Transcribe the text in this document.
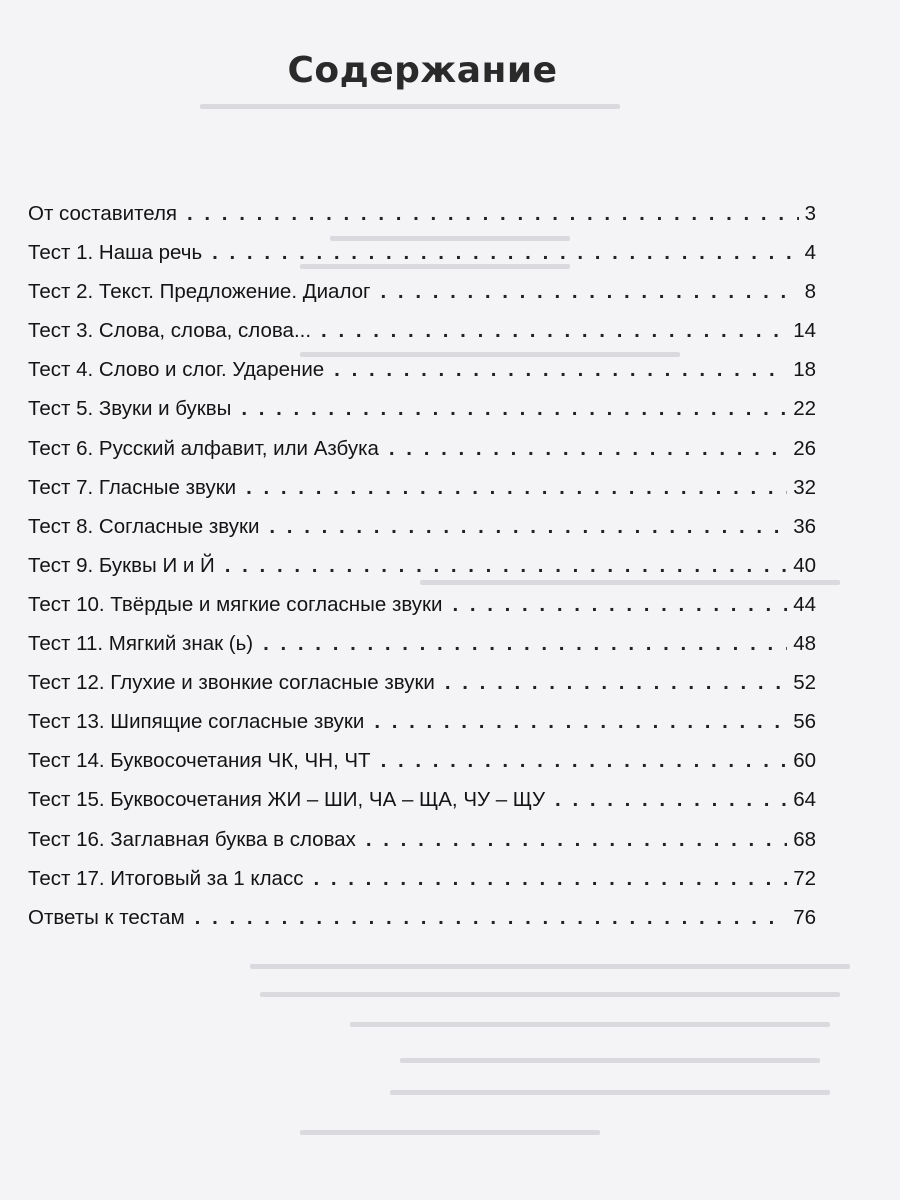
Содержание
От составителя . . .	3
Тест 1. Наша речь . . .	4
Тест 2. Текст. Предложение. Диалог . . .	8
Тест 3. Слова, слова, слова... . . .	14
Тест 4. Слово и слог. Ударение . . .	18
Тест 5. Звуки и буквы . . .	22
Тест 6. Русский алфавит, или Азбука . . .	26
Тест 7. Гласные звуки . . .	32
Тест 8. Согласные звуки . . .	36
Тест 9. Буквы И и Й . . .	40
Тест 10. Твёрдые и мягкие согласные звуки . . .	44
Тест 11. Мягкий знак (ь) . . .	48
Тест 12. Глухие и звонкие согласные звуки . . .	52
Тест 13. Шипящие согласные звуки . . .	56
Тест 14. Буквосочетания ЧК, ЧН, ЧТ . . .	60
Тест 15. Буквосочетания ЖИ – ШИ, ЧА – ЩА, ЧУ – ЩУ . . .	64
Тест 16. Заглавная буква в словах . . .	68
Тест 17. Итоговый за 1 класс . . .	72
Ответы к тестам . . .	76
